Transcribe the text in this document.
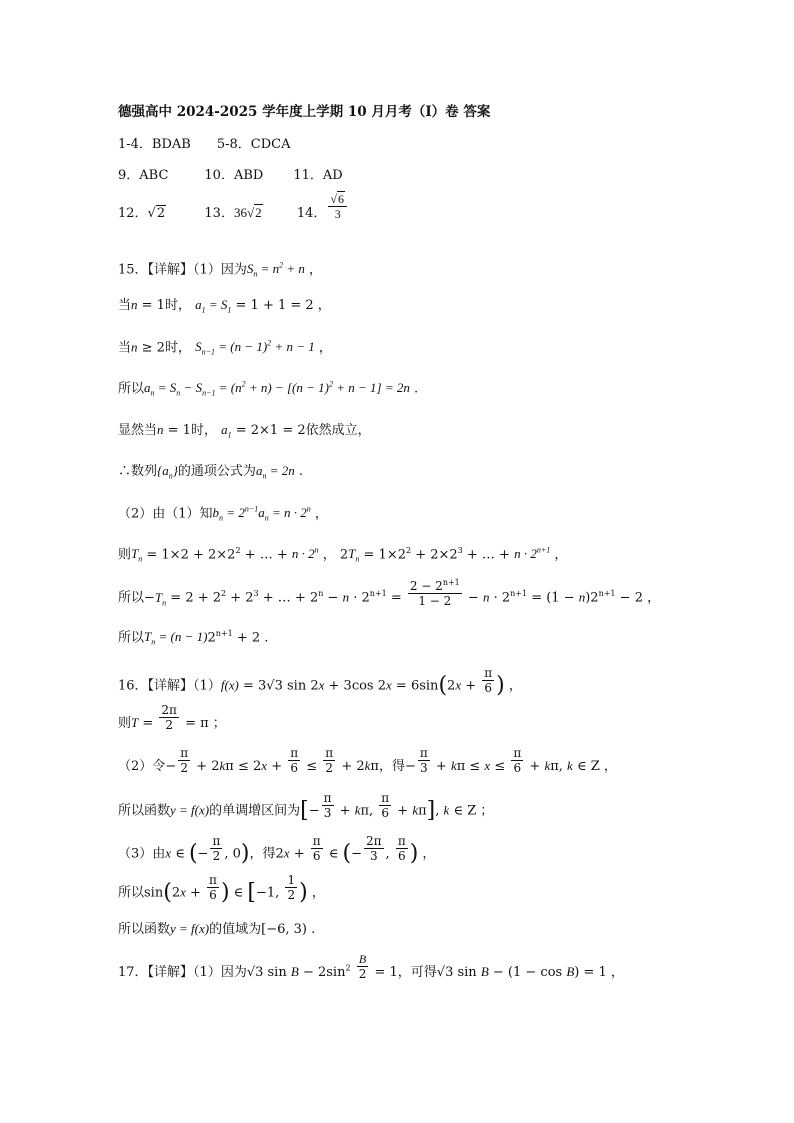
德强高中 2024-2025 学年度上学期 10 月月考（Ⅰ）卷 答案
1-4．BDAB 5-8．CDCA
9．ABC	10．ABD 11．AD
12．√2	13．36√2	14． $\frac{√6}{3}$
15．【详解】（1）因为$S_n = n^2 + n$ ，
当n = 1时， $a_1 = S_1 = 1 + 1 = 2$ ，
当n ≥ 2时， $S_{n-1} = (n - 1)^2 + n - 1$ ，
所以$a_n = S_n - S_{n-1} = (n^2 + n) - [(n - 1)^2 + n - 1] = 2n$ .
显然当n = 1时， $a_1 = 2\times 1 = 2$依然成立，
∴数列$\{a_n\}$的通项公式为$a_n = 2n$ .
（2）由（1）知$b_n = 2^{n-1}a_n = n \cdot 2^n$ ，
则$T_n = 1\times 2 + 2\times 2^2$ + … + $n \cdot 2^n$ ， $2T_n = 1\times 2^2 + 2\times 2^3$ + … + $n \cdot 2^{n+1}$ ，
所以$-T_n = 2 + 2^2 + 2^3$ + … + $2^n - n \cdot 2^{n+1} = \frac{2 - 2^{n+1}}{1 - 2} - n \cdot 2^{n+1} = (1 - n)2^{n+1} - 2$ ，
所以$T_n = (n - 1)2^{n+1} + 2$ .
16．【详解】（1）f(x) = 3√3 sin 2x + 3cos $2x = 6\sin(2x + \frac{\pi}{6}$ ) ，
则$T = \frac{2\pi}{2} = \pi$ ；
（2）令− $\frac{\pi}{2} + 2k\pi \le 2x + \frac{\pi}{6} \le \frac{\pi}{2} + 2k\pi$，得− $\frac{\pi}{3} + k\pi \le x \le \frac{\pi}{6} + k\pi$, k ∈ Z ，
所以函数y = f(x)的单调增区间为[− $\frac{\pi}{3} + k\pi$, $\frac{\pi}{6} + k\pi$], k ∈ Z ；
（3）由x ∈ (− $\frac{\pi}{2}$ , 0)，得$2x + \frac{\pi}{6}$ ∈ (− $\frac{2\pi}{3}$ , $\frac{\pi}{6}$ ) ，
所以$\sin(2x + \frac{\pi}{6}$ ) ∈ [−1, $\frac{1}{2}$ ) ，
所以函数y = f(x)的值域为[−6, 3) .
17．【详解】（1）因为√3 $\sin B - 2\sin^2 \frac{B}{2} = 1$，可得√3 sin B − (1 − cos B) = 1 ，
